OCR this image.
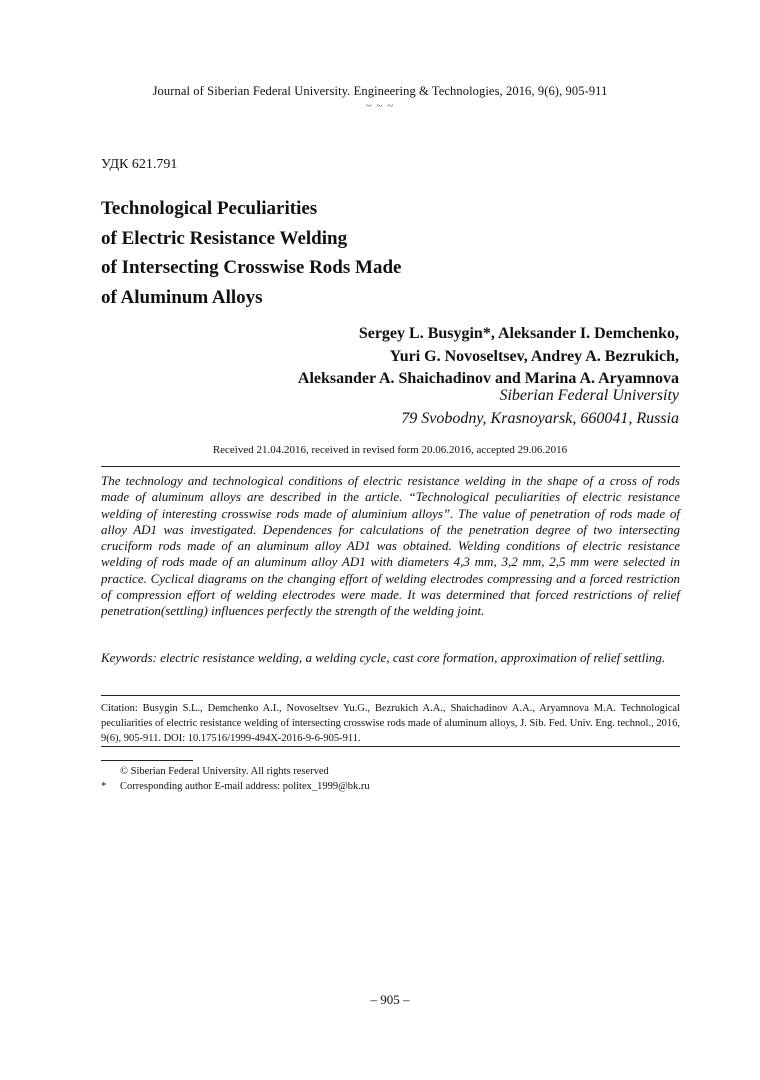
Journal of Siberian Federal University. Engineering & Technologies, 2016, 9(6), 905-911
~ ~ ~
УДК 621.791
Technological Peculiarities
of Electric Resistance Welding
of Intersecting Crosswise Rods Made
of Aluminum Alloys
Sergey L. Busygin*, Aleksander I. Demchenko,
Yuri G. Novoseltsev, Andrey A. Bezrukich,
Aleksander A. Shaichadinov and Marina A. Aryamnova
Siberian Federal University
79 Svobodny, Krasnoyarsk, 660041, Russia
Received 21.04.2016, received in revised form 20.06.2016, accepted 29.06.2016
The technology and technological conditions of electric resistance welding in the shape of a cross of rods made of aluminum alloys are described in the article. “Technological peculiarities of electric resistance welding of interesting crosswise rods made of aluminium alloys”. The value of penetration of rods made of alloy AD1 was investigated. Dependences for calculations of the penetration degree of two intersecting cruciform rods made of an aluminum alloy AD1 was obtained. Welding conditions of electric resistance welding of rods made of an aluminum alloy AD1 with diameters 4,3 mm, 3,2 mm, 2,5 mm were selected in practice. Cyclical diagrams on the changing effort of welding electrodes compressing and a forced restriction of compression effort of welding electrodes were made. It was determined that forced restrictions of relief penetration(settling) influences perfectly the strength of the welding joint.
Keywords: electric resistance welding, a welding cycle, cast core formation, approximation of relief settling.
Citation: Busygin S.L., Demchenko A.I., Novoseltsev Yu.G., Bezrukich A.A., Shaichadinov A.A., Aryamnova M.A. Technological peculiarities of electric resistance welding of intersecting crosswise rods made of aluminum alloys, J. Sib. Fed. Univ. Eng. technol., 2016, 9(6), 905-911. DOI: 10.17516/1999-494X-2016-9-6-905-911.
© Siberian Federal University. All rights reserved
* Corresponding author E-mail address: politex_1999@bk.ru
– 905 –
